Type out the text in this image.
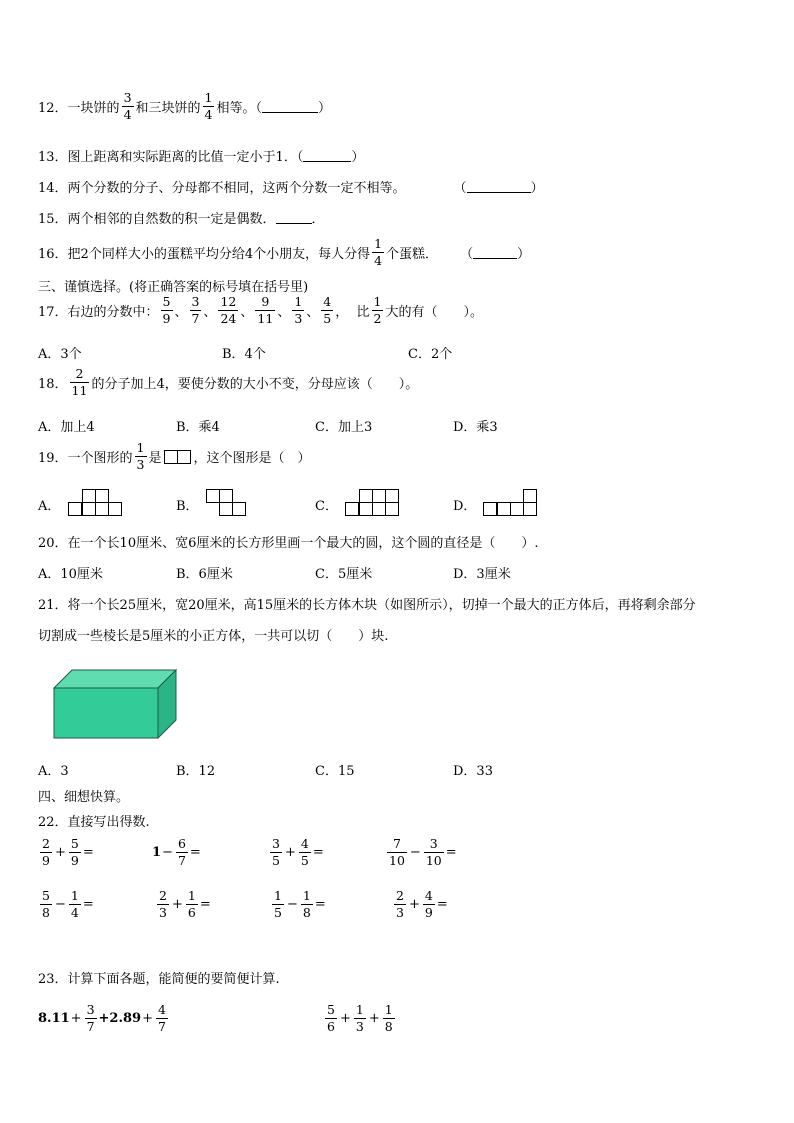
12． 一块饼的 $\frac{3}{4}$ 和三块饼的 $\frac{1}{4}$ 相等。（	）
13．图上距离和实际距离的比值一定小于1．（	）
14．两个分数的分子、分母都不相同，这两个分数一定不相等。	（	）
15．两个相邻的自然数的积一定是偶数．	．
16．把2个同样大小的蛋糕平均分给4个小朋友，每人分得 $\frac{1}{4}$ 个蛋糕． （	）
三、谨慎选择。(将正确答案的标号填在括号里)
17．右边的分数中： $\frac{5}{9}$ 、 $\frac{3}{7}$ 、 $\frac{12}{24}$ 、 $\frac{9}{11}$ 、 $\frac{1}{3}$ 、 $\frac{4}{5}$ ，  比 $\frac{1}{2}$ 大的有（　　）。
A．3个	B．4个	C．2个
18． $\frac{2}{11}$ 的分子加上4，要使分数的大小不变，分母应该（　　）。
A．加上4	B．乘4	C．加上3	D．乘3
19．一个图形的 $\frac{1}{3}$ 是 ，这个图形是（　）
A．	B．	C．	D．
20．在一个长10厘米、宽6厘米的长方形里画一个最大的圆，这个圆的直径是（　　）.
A．10厘米	B．6厘米	C．5厘米	D．3厘米
21．将一个长25厘米，宽20厘米，高15厘米的长方体木块（如图所示），切掉一个最大的正方体后，再将剩余部分
切割成一些棱长是5厘米的小正方体，一共可以切（　　）块.
A．3	B．12	C．15	D．33
四、细想快算。
22．直接写出得数.
$\frac{2}{9} + \frac{5}{9}$ =	$1 - \frac{6}{7}$ =	$\frac{3}{5} + \frac{4}{5}$ =	$\frac{7}{10} - \frac{3}{10}$ =
$\frac{5}{8} - \frac{1}{4}$ =	$\frac{2}{3} + \frac{1}{6}$ =	$\frac{1}{5} - \frac{1}{8}$ =	$\frac{2}{3} + \frac{4}{9}$ =
23．计算下面各题，能简便的要简便计算.
$8.11 + \frac{3}{7} +2.89 + \frac{4}{7}$	$\frac{5}{6} + \frac{1}{3} + \frac{1}{8}$
